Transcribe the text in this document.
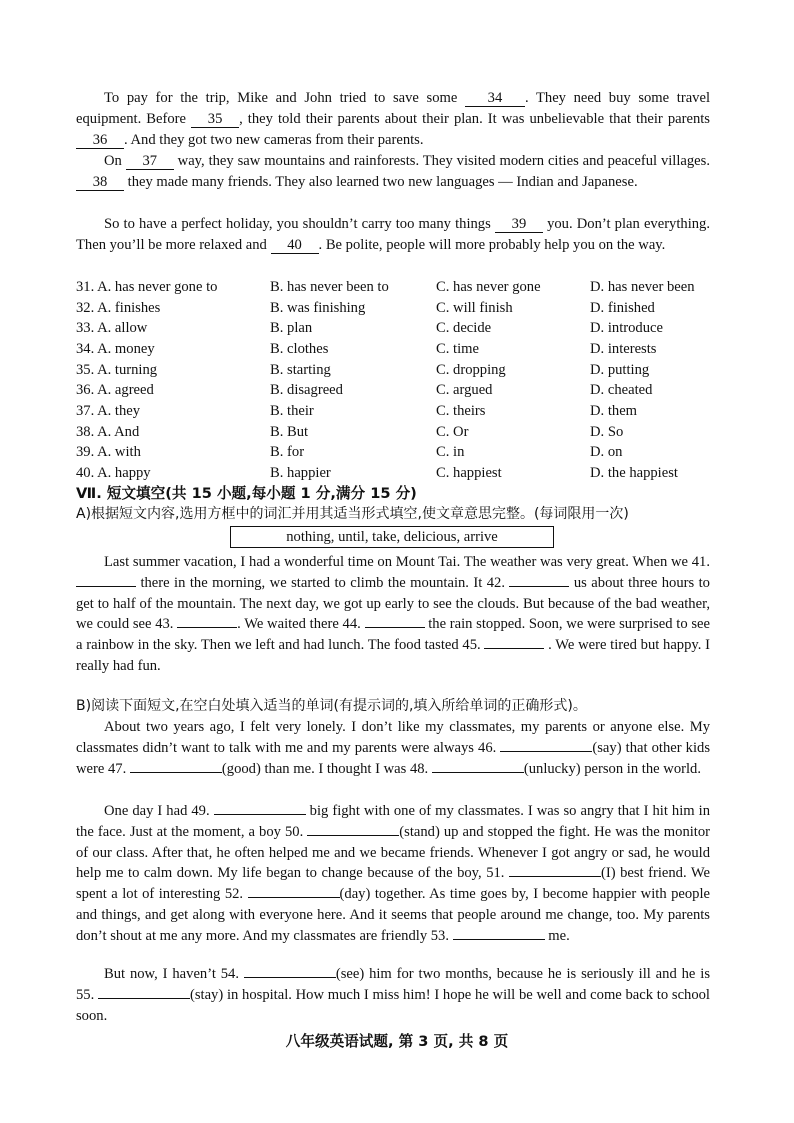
To pay for the trip, Mike and John tried to save some 34 . They need buy some travel equipment. Before 35 , they told their parents about their plan. It was unbelievable that their parents 36 . And they got two new cameras from their parents.
On 37 way, they saw mountains and rainforests. They visited modern cities and peaceful villages. 38 they made many friends. They also learned two new languages — Indian and Japanese.
So to have a perfect holiday, you shouldn’t carry too many things 39 you. Don’t plan everything. Then you’ll be more relaxed and 40 . Be polite, people will more probably help you on the way.
31. A. has never gone to	B. has never been to	C. has never gone	D. has never been
32. A. finishes	B. was finishing	C. will finish	D. finished
33. A. allow	B. plan	C. decide	D. introduce
34. A. money	B. clothes	C. time	D. interests
35. A. turning	B. starting	C. dropping	D. putting
36. A. agreed	B. disagreed	C. argued	D. cheated
37. A. they	B. their	C. theirs	D. them
38. A. And	B. But	C. Or	D. So
39. A. with	B. for	C. in	D. on
40. A. happy	B. happier	C. happiest	D. the happiest
Ⅶ. 短文填空(共 15 小题,每小题 1 分,满分 15 分)
A)根据短文内容,选用方框中的词汇并用其适当形式填空,使文章意思完整。(每词限用一次)
nothing, until, take, delicious, arrive
Last summer vacation, I had a wonderful time on Mount Tai. The weather was very great. When we 41.  there in the morning, we started to climb the mountain. It 42.	us about three hours to get to half of the mountain. The next day, we got up early to see the clouds. But because of the bad weather, we could see 43.	. We waited there 44.	the rain stopped. Soon, we were surprised to see a rainbow in the sky. Then we left and had lunch. The food tasted 45.	. We were tired but happy. I really had fun.
B)阅读下面短文,在空白处填入适当的单词(有提示词的,填入所给单词的正确形式)。
About two years ago, I felt very lonely. I don’t like my classmates, my parents or anyone else. My classmates didn’t want to talk with me and my parents were always 46.	(say) that other kids were 47.	(good) than me. I thought I was 48.	(unlucky) person in the world.
One day I had 49.	big fight with one of my classmates. I was so angry that I hit him in the face. Just at the moment, a boy 50.	(stand) up and stopped the fight. He was the monitor of our class. After that, he often helped me and we became friends. Whenever I got angry or sad, he would help me to calm down. My life began to change because of the boy, 51.	(I) best friend. We spent a lot of interesting 52.	(day) together. As time goes by, I become happier with people and things, and get along with everyone here. And it seems that people around me change, too. My parents don’t shout at me any more. And my classmates are friendly 53.	me.
But now, I haven’t 54.	(see) him for two months, because he is seriously ill and he is 55.	(stay) in hospital. How much I miss him! I hope he will be well and come back to school soon.
八年级英语试题, 第 3 页, 共 8 页
